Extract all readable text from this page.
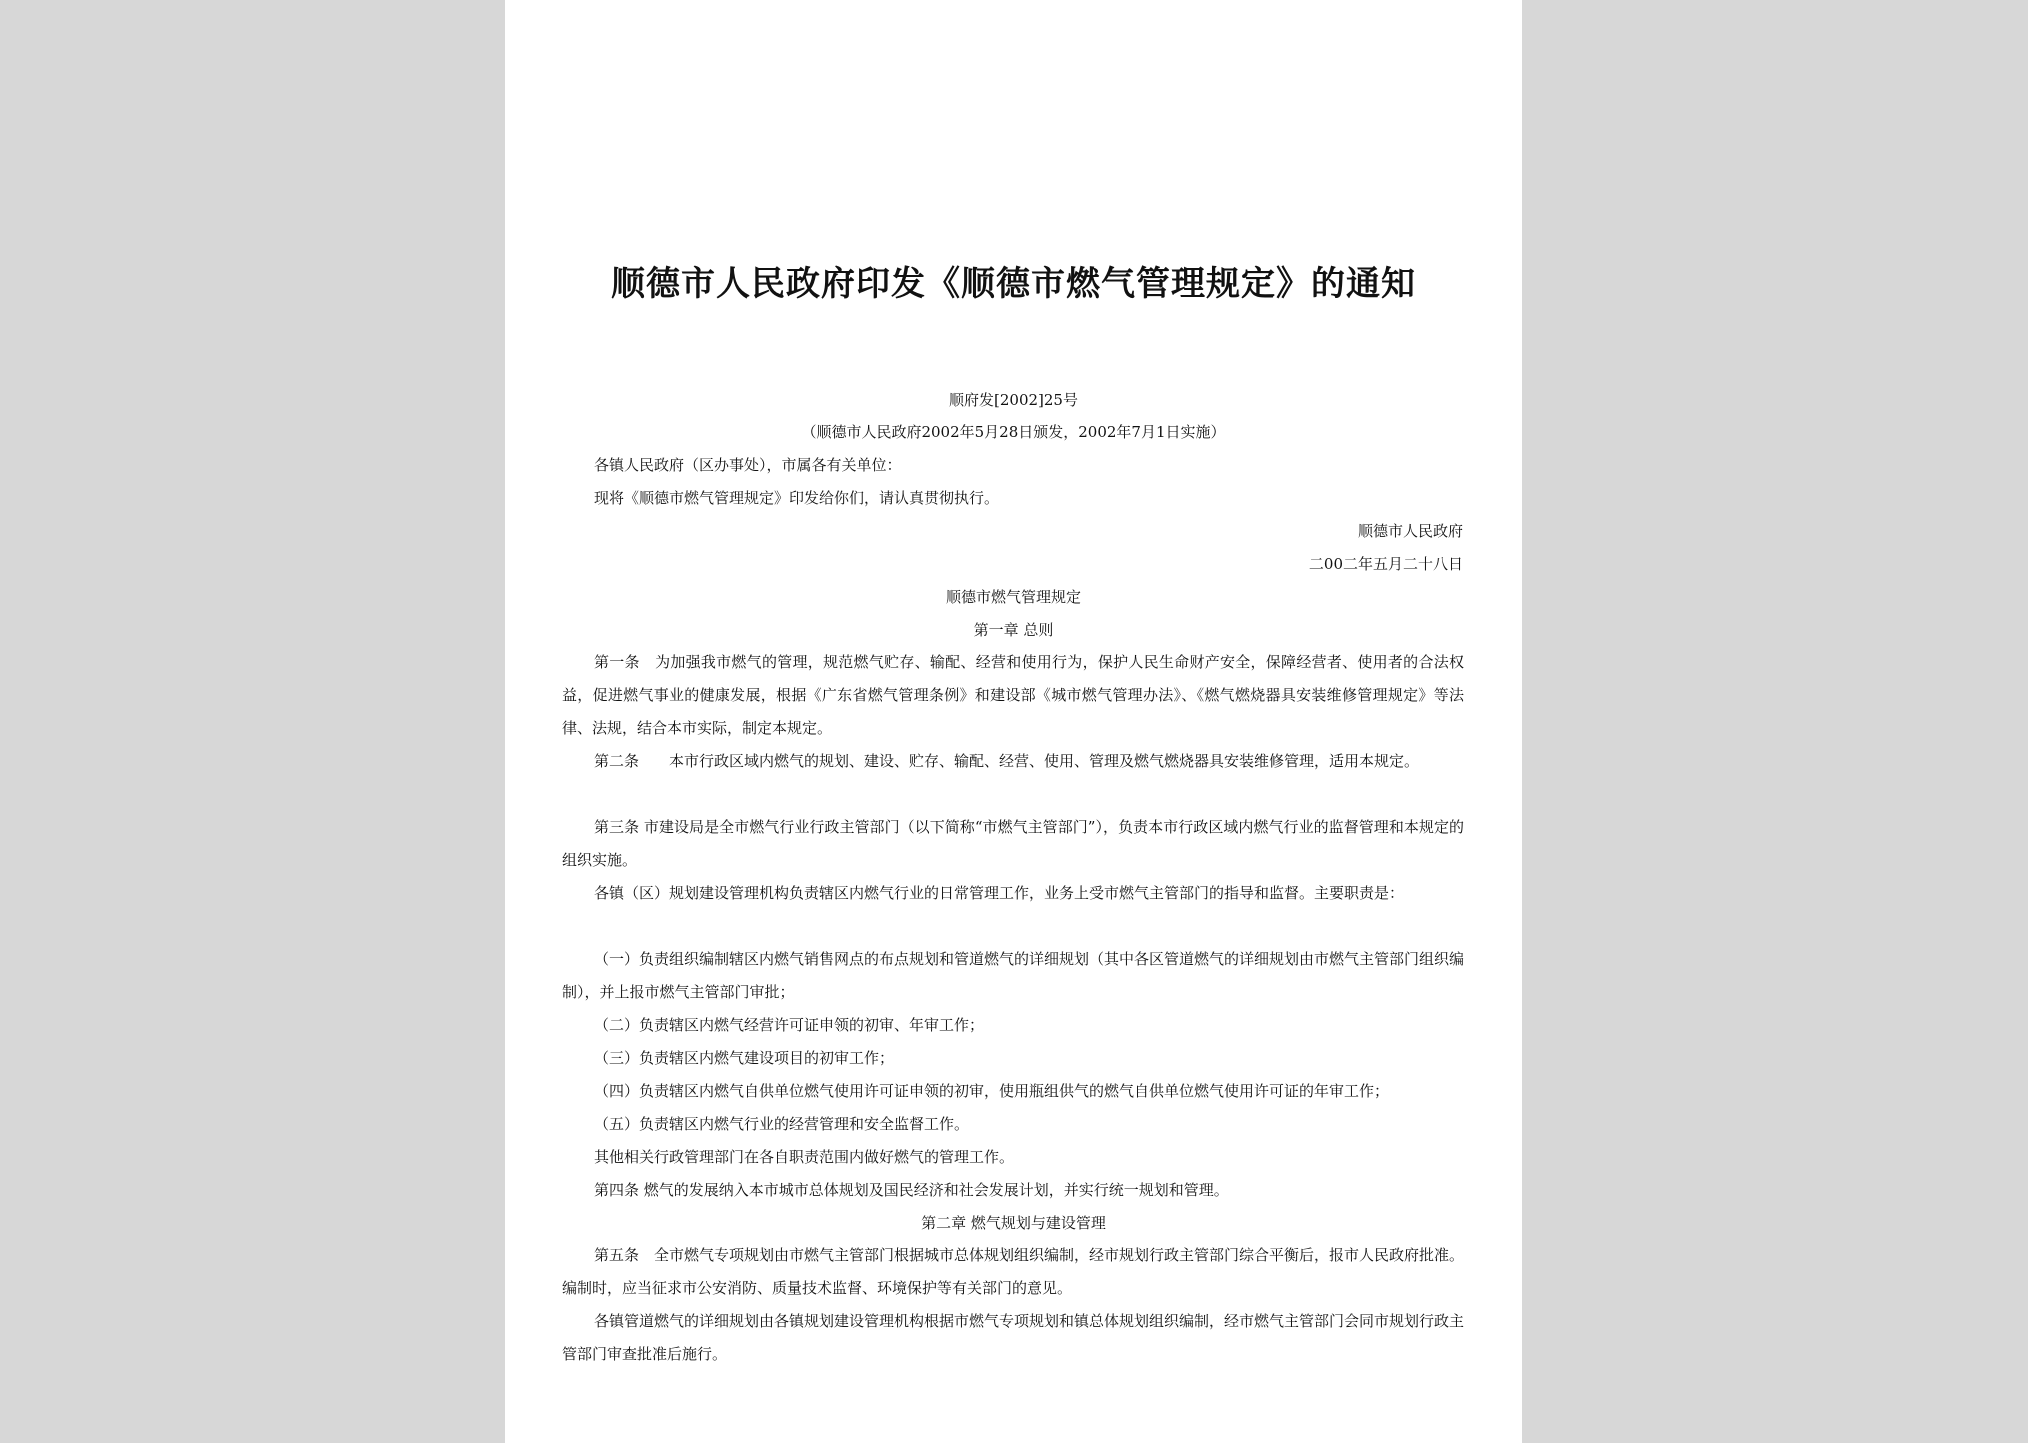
顺德市人民政府印发《顺德市燃气管理规定》的通知
顺府发[2002]25号
（顺德市人民政府2002年5月28日颁发，2002年7月1日实施）
各镇人民政府（区办事处），市属各有关单位：
现将《顺德市燃气管理规定》印发给你们，请认真贯彻执行。
顺德市人民政府
二00二年五月二十八日
顺德市燃气管理规定
第一章 总则

第一条　为加强我市燃气的管理，规范燃气贮存、输配、经营和使用行为，保护人民生命财产安全，保障经营者、使用者的合法权益，促进燃气事业的健康发展，根据《广东省燃气管理条例》和建设部《城市燃气管理办法》、《燃气燃烧器具安装维修管理规定》等法律、法规，结合本市实际，制定本规定。

第二条　　本市行政区域内燃气的规划、建设、贮存、输配、经营、使用、管理及燃气燃烧器具安装维修管理，适用本规定。

第三条 市建设局是全市燃气行业行政主管部门（以下简称“市燃气主管部门”），负责本市行政区域内燃气行业的监督管理和本规定的组织实施。

各镇（区）规划建设管理机构负责辖区内燃气行业的日常管理工作，业务上受市燃气主管部门的指导和监督。主要职责是：

（一）负责组织编制辖区内燃气销售网点的布点规划和管道燃气的详细规划（其中各区管道燃气的详细规划由市燃气主管部门组织编制），并上报市燃气主管部门审批；

（二）负责辖区内燃气经营许可证申领的初审、年审工作；
（三）负责辖区内燃气建设项目的初审工作；
（四）负责辖区内燃气自供单位燃气使用许可证申领的初审，使用瓶组供气的燃气自供单位燃气使用许可证的年审工作；
（五）负责辖区内燃气行业的经营管理和安全监督工作。
其他相关行政管理部门在各自职责范围内做好燃气的管理工作。
第四条 燃气的发展纳入本市城市总体规划及国民经济和社会发展计划，并实行统一规划和管理。
第二章 燃气规划与建设管理

第五条　全市燃气专项规划由市燃气主管部门根据城市总体规划组织编制，经市规划行政主管部门综合平衡后，报市人民政府批准。编制时，应当征求市公安消防、质量技术监督、环境保护等有关部门的意见。

各镇管道燃气的详细规划由各镇规划建设管理机构根据市燃气专项规划和镇总体规划组织编制，经市燃气主管部门会同市规划行政主管部门审查批准后施行。
